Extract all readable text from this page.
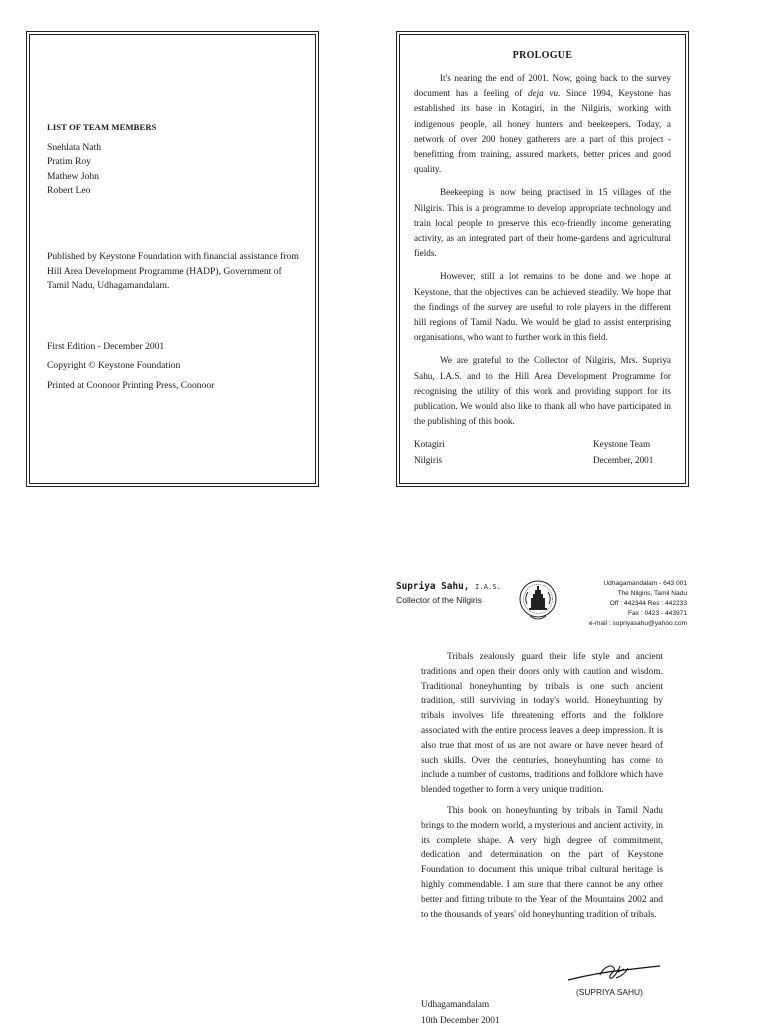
LIST OF TEAM MEMBERS
Snehlata Nath
Pratim Roy
Mathew John
Robert Leo
Published by Keystone Foundation with financial assistance from
Hill Area Development Programme (HADP), Government of
Tamil Nadu, Udhagamandalam.
First Edition - December 2001
Copyright © Keystone Foundation
Printed at Coonoor Printing Press, Coonoor
PROLOGUE

It's nearing the end of 2001. Now, going back to the survey document has a feeling of deja vu. Since 1994, Keystone has established its base in Kotagiri, in the Nilgiris, working with indigenous people, all honey hunters and beekeepers. Today, a network of over 200 honey gatherers are a part of this project - benefitting from training, assured markets, better prices and good quality.

Beekeeping is now being practised in 15 villages of the Nilgiris. This is a programme to develop appropriate technology and train local people to preserve this eco-friendly income generating activity, as an integrated part of their home-gardens and agricultural fields.

However, still a lot remains to be done and we hope at Keystone, that the objectives can be achieved steadily. We hope that the findings of the survey are useful to role players in the different hill regions of Tamil Nadu. We would be glad to assist enterprising organisations, who want to further work in this field.

We are grateful to the Collector of Nilgiris, Mrs. Supriya Sahu, I.A.S. and to the Hill Area Development Programme for recognising the utility of this work and providing support for its publication. We would also like to thank all who have participated in the publishing of this book.

Kotagiri	Keystone Team
Nilgiris	December, 2001
Supriya Sahu, I.A.S.
Collector of the Nilgiris
Udhagamandalam - 643 001
The Nilgiris, Tamil Nadu
Off : 442344 Res : 442233
Fax : 0423 - 443971
e-mail : supriyasahu@yahoo.com

Tribals zealously guard their life style and ancient traditions and open their doors only with caution and wisdom. Traditional honeyhunting by tribals is one such ancient tradition, still surviving in today's world. Honeyhunting by tribals involves life threatening efforts and the folklore associated with the entire process leaves a deep impression. It is also true that most of us are not aware or have never heard of such skills. Over the centuries, honeyhunting has come to include a number of customs, traditions and folklore which have blended together to form a very unique tradition.

This book on honeyhunting by tribals in Tamil Nadu brings to the modern world, a mysterious and ancient activity, in its complete shape. A very high degree of commitment, dedication and determination on the part of Keystone Foundation to document this unique tribal cultural heritage is highly commendable. I am sure that there cannot be any other better and fitting tribute to the Year of the Mountains 2002 and to the thousands of years' old honeyhunting tradition of tribals.

(SUPRIYA SAHU)
Udhagamandalam
10th December 2001
